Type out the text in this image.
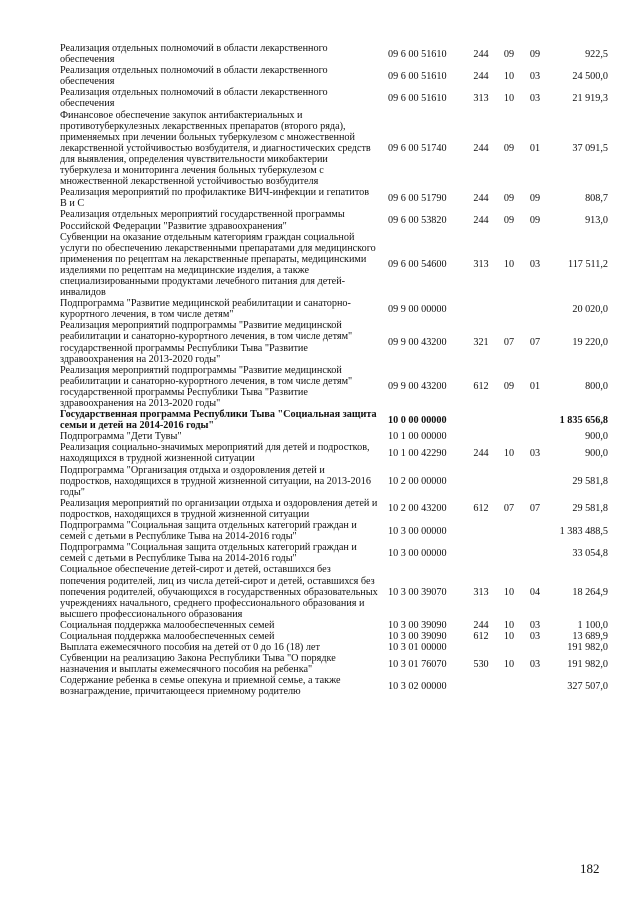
Реализация отдельных полномочий в области лекарственного обеспечения	09 6 00 51610	244	09	09	922,5
Реализация отдельных полномочий в области лекарственного обеспечения	09 6 00 51610	244	10	03	24 500,0
Реализация отдельных полномочий в области лекарственного обеспечения	09 6 00 51610	313	10	03	21 919,3
Финансовое обеспечение закупок антибактериальных и противотуберкулезных лекарственных препаратов (второго ряда), применяемых при лечении больных туберкулезом с множественной лекарственной устойчивостью возбудителя, и диагностических средств для выявления, определения чувствительности микобактерии туберкулеза и мониторинга лечения больных туберкулезом с множественной лекарственной устойчивостью возбудителя	09 6 00 51740	244	09	01	37 091,5
Реализация мероприятий по профилактике ВИЧ-инфекции и гепатитов В и С	09 6 00 51790	244	09	09	808,7
Реализация отдельных мероприятий государственной программы Российской Федерации "Развитие здравоохранения"	09 6 00 53820	244	09	09	913,0
Субвенции на оказание отдельным категориям граждан социальной услуги по обеспечению лекарственными препаратами для медицинского применения по рецептам на лекарственные препараты, медицинскими изделиями по рецептам на медицинские изделия, а также специализированными продуктами лечебного питания для детей-инвалидов	09 6 00 54600	313	10	03	117 511,2
Подпрограмма "Развитие медицинской реабилитации и санаторно-курортного лечения, в том числе детям"	09 9 00 00000				20 020,0
Реализация мероприятий подпрограммы "Развитие медицинской реабилитации и санаторно-курортного лечения, в том числе детям" государственной программы Республики Тыва "Развитие здравоохранения на 2013-2020 годы"	09 9 00 43200	321	07	07	19 220,0
Реализация мероприятий подпрограммы "Развитие медицинской реабилитации и санаторно-курортного лечения, в том числе детям" государственной программы Республики Тыва "Развитие здравоохранения на 2013-2020 годы"	09 9 00 43200	612	09	01	800,0
Государственная программа Республики Тыва "Социальная защита семьи и детей на 2014-2016 годы"	10 0 00 00000				1 835 656,8
Подпрограмма "Дети Тувы"	10 1 00 00000				900,0
Реализация социально-значимых мероприятий для детей и подростков, находящихся в трудной жизненной ситуации	10 1 00 42290	244	10	03	900,0
Подпрограмма "Организация отдыха и оздоровления детей и подростков, находящихся в трудной жизненной ситуации, на 2013-2016 годы"	10 2 00 00000				29 581,8
Реализация мероприятий по организации отдыха и оздоровления детей и подростков, находящихся в трудной жизненной ситуации	10 2 00 43200	612	07	07	29 581,8
Подпрограмма "Социальная защита отдельных категорий граждан и семей с детьми в Республике Тыва на 2014-2016 годы"	10 3 00 00000				1 383 488,5
Подпрограмма "Социальная защита отдельных категорий граждан и семей с детьми в Республике Тыва на 2014-2016 годы"	10 3 00 00000				33 054,8
Социальное обеспечение детей-сирот и детей, оставшихся без попечения родителей, лиц из числа детей-сирот и детей, оставшихся без попечения родителей, обучающихся в государственных образовательных учреждениях начального, среднего профессионального образования и высшего профессионального образования	10 3 00 39070	313	10	04	18 264,9
Социальная поддержка малообеспеченных семей	10 3 00 39090	244	10	03	1 100,0
Социальная поддержка малообеспеченных семей	10 3 00 39090	612	10	03	13 689,9
Выплата ежемесячного пособия на детей от 0 до 16 (18) лет	10 3 01 00000				191 982,0
Субвенции на реализацию Закона Республики Тыва "О порядке назначения и выплаты ежемесячного пособия на ребенка"	10 3 01 76070	530	10	03	191 982,0
Содержание ребенка в семье опекуна и приемной семье, а также вознаграждение, причитающееся приемному родителю	10 3 02 00000				327 507,0
182
